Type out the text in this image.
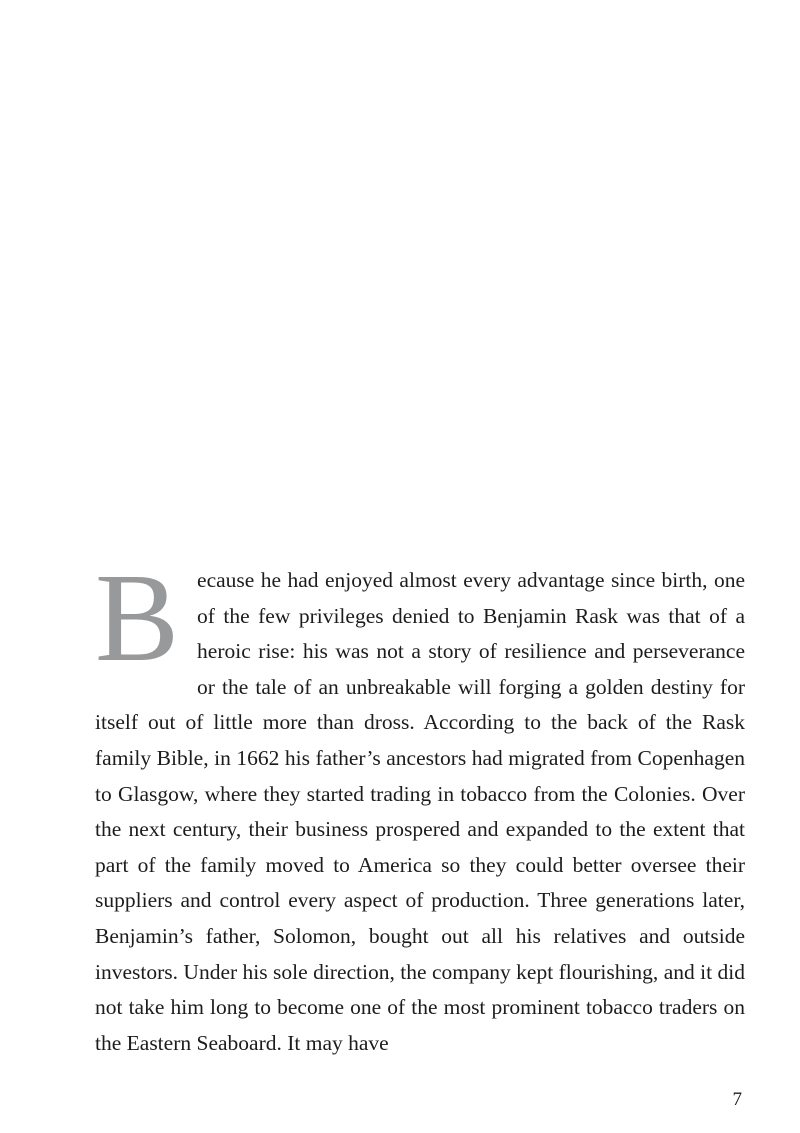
Because he had enjoyed almost every advantage since birth, one of the few privileges denied to Benjamin Rask was that of a heroic rise: his was not a story of resilience and perseverance or the tale of an unbreakable will forging a golden destiny for itself out of little more than dross. According to the back of the Rask family Bible, in 1662 his father’s ancestors had migrated from Copenhagen to Glasgow, where they started trading in tobacco from the Colonies. Over the next century, their business prospered and expanded to the extent that part of the family moved to America so they could better oversee their suppliers and control every aspect of production. Three generations later, Benjamin’s father, Solomon, bought out all his relatives and outside investors. Under his sole direction, the company kept flourishing, and it did not take him long to become one of the most prominent tobacco traders on the Eastern Seaboard. It may have

7
